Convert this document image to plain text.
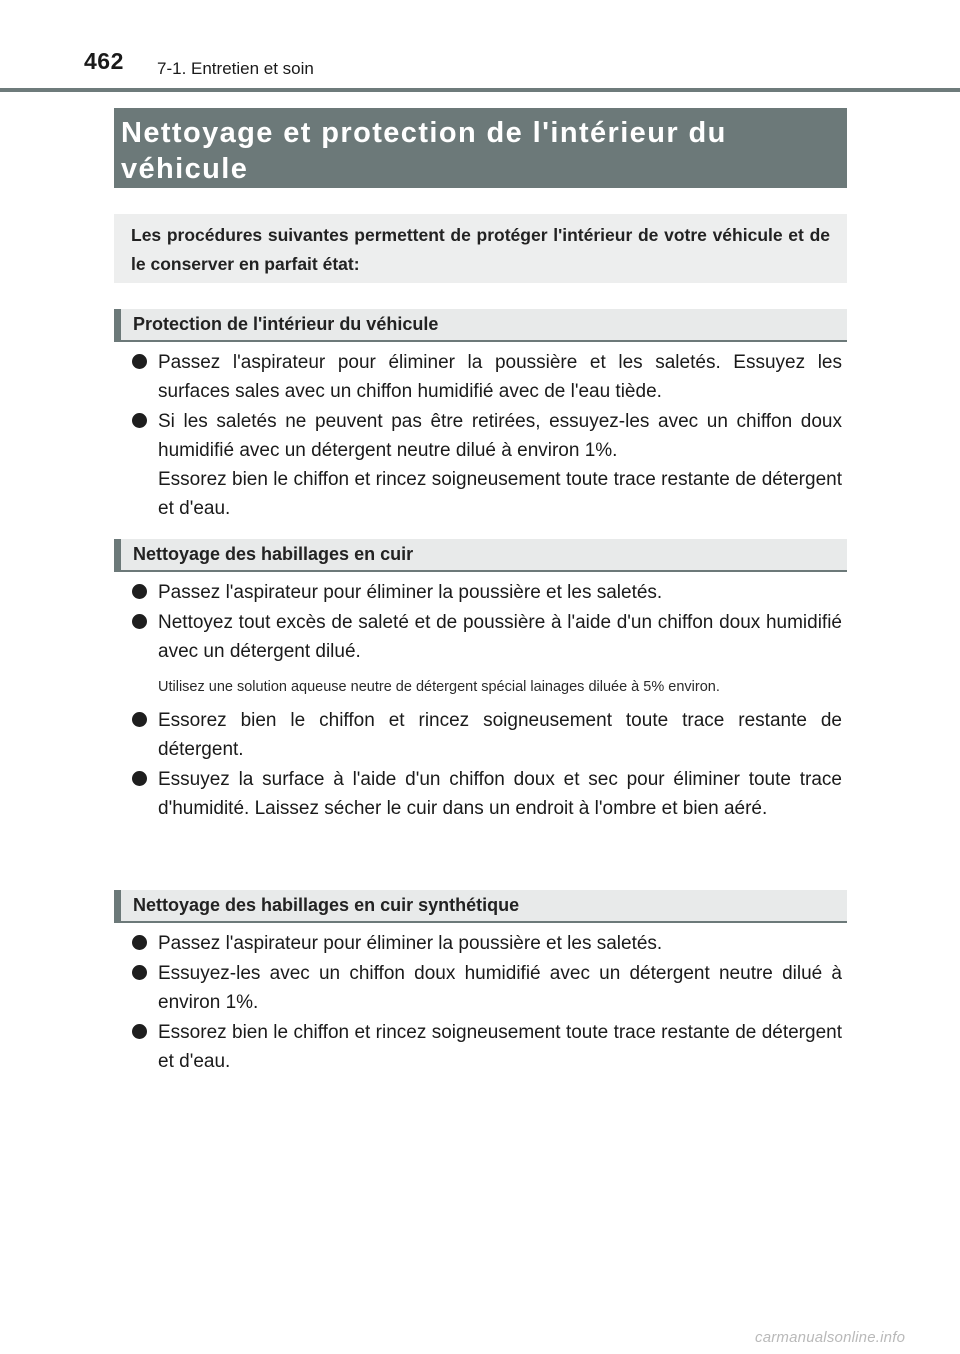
462 7-1. Entretien et soin
Nettoyage et protection de l'intérieur du véhicule
Les procédures suivantes permettent de protéger l'intérieur de votre véhicule et de le conserver en parfait état:
Protection de l'intérieur du véhicule
Passez l'aspirateur pour éliminer la poussière et les saletés. Essuyez les surfaces sales avec un chiffon humidifié avec de l'eau tiède.
Si les saletés ne peuvent pas être retirées, essuyez-les avec un chiffon doux humidifié avec un détergent neutre dilué à environ 1%.
Essorez bien le chiffon et rincez soigneusement toute trace restante de détergent et d'eau.
Nettoyage des habillages en cuir
Passez l'aspirateur pour éliminer la poussière et les saletés.
Nettoyez tout excès de saleté et de poussière à l'aide d'un chiffon doux humidifié avec un détergent dilué.
Utilisez une solution aqueuse neutre de détergent spécial lainages diluée à 5% environ.
Essorez bien le chiffon et rincez soigneusement toute trace restante de détergent.
Essuyez la surface à l'aide d'un chiffon doux et sec pour éliminer toute trace d'humidité. Laissez sécher le cuir dans un endroit à l'ombre et bien aéré.
Nettoyage des habillages en cuir synthétique
Passez l'aspirateur pour éliminer la poussière et les saletés.
Essuyez-les avec un chiffon doux humidifié avec un détergent neutre dilué à environ 1%.
Essorez bien le chiffon et rincez soigneusement toute trace restante de détergent et d'eau.
carmanualsonline.info
